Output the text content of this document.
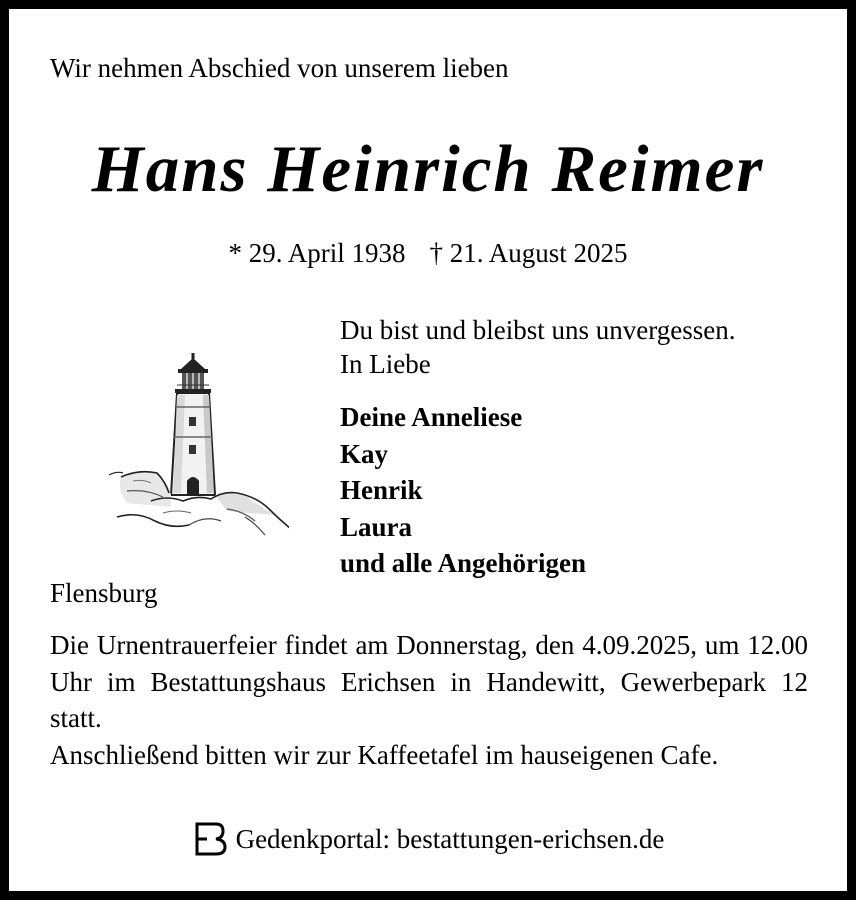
Wir nehmen Abschied von unserem lieben
Hans Heinrich Reimer
* 29. April 1938 † 21. August 2025
Du bist und bleibst uns unvergessen.
In Liebe
Deine Anneliese
Kay
Henrik
Laura
und alle Angehörigen
Flensburg

Die Urnentrauerfeier findet am Donnerstag, den 4.09.2025, um 12.00 Uhr im Bestattungshaus Erichsen in Handewitt, Gewerbepark 12 statt.

Anschließend bitten wir zur Kaffeetafel im hauseigenen Cafe.

Gedenkportal: bestattungen-erichsen.de
